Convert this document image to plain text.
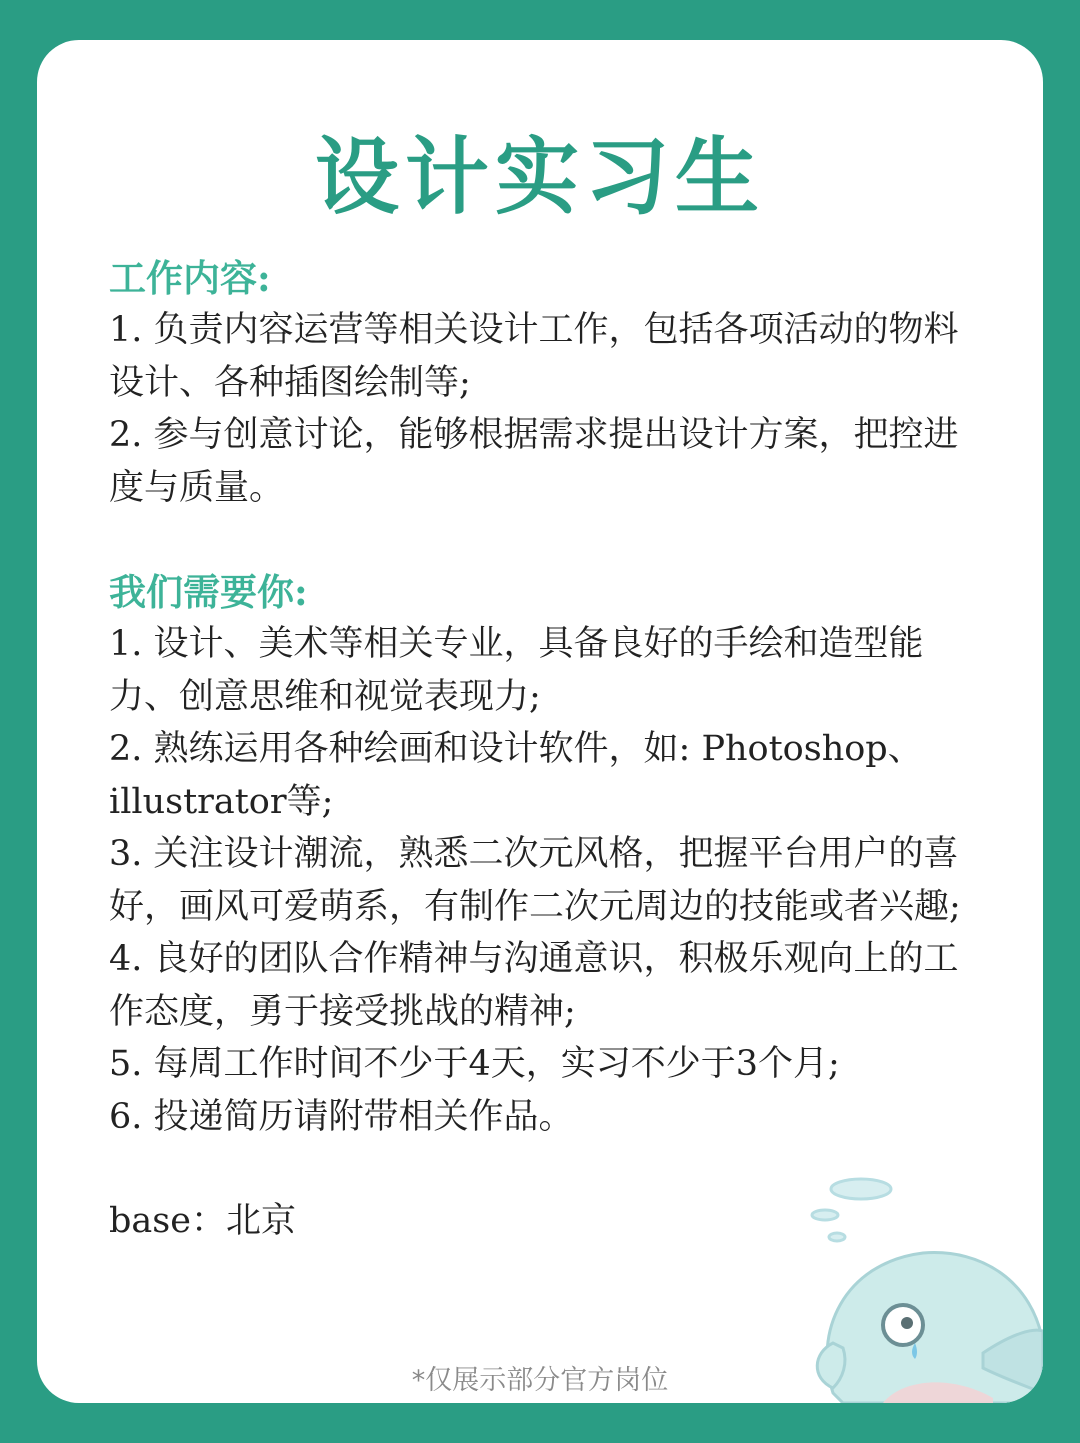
设计实习生
工作内容:

1. 负责内容运营等相关设计工作，包括各项活动的物料设计、各种插图绘制等;

2. 参与创意讨论，能够根据需求提出设计方案，把控进度与质量。

我们需要你:

1. 设计、美术等相关专业，具备良好的手绘和造型能力、创意思维和视觉表现力;

2. 熟练运用各种绘画和设计软件，如: Photoshop、illustrator等;

3. 关注设计潮流，熟悉二次元风格，把握平台用户的喜好，画风可爱萌系，有制作二次元周边的技能或者兴趣;

4. 良好的团队合作精神与沟通意识，积极乐观向上的工作态度，勇于接受挑战的精神;

5. 每周工作时间不少于4天，实习不少于3个月;

6. 投递简历请附带相关作品。

base：北京
*仅展示部分官方岗位
